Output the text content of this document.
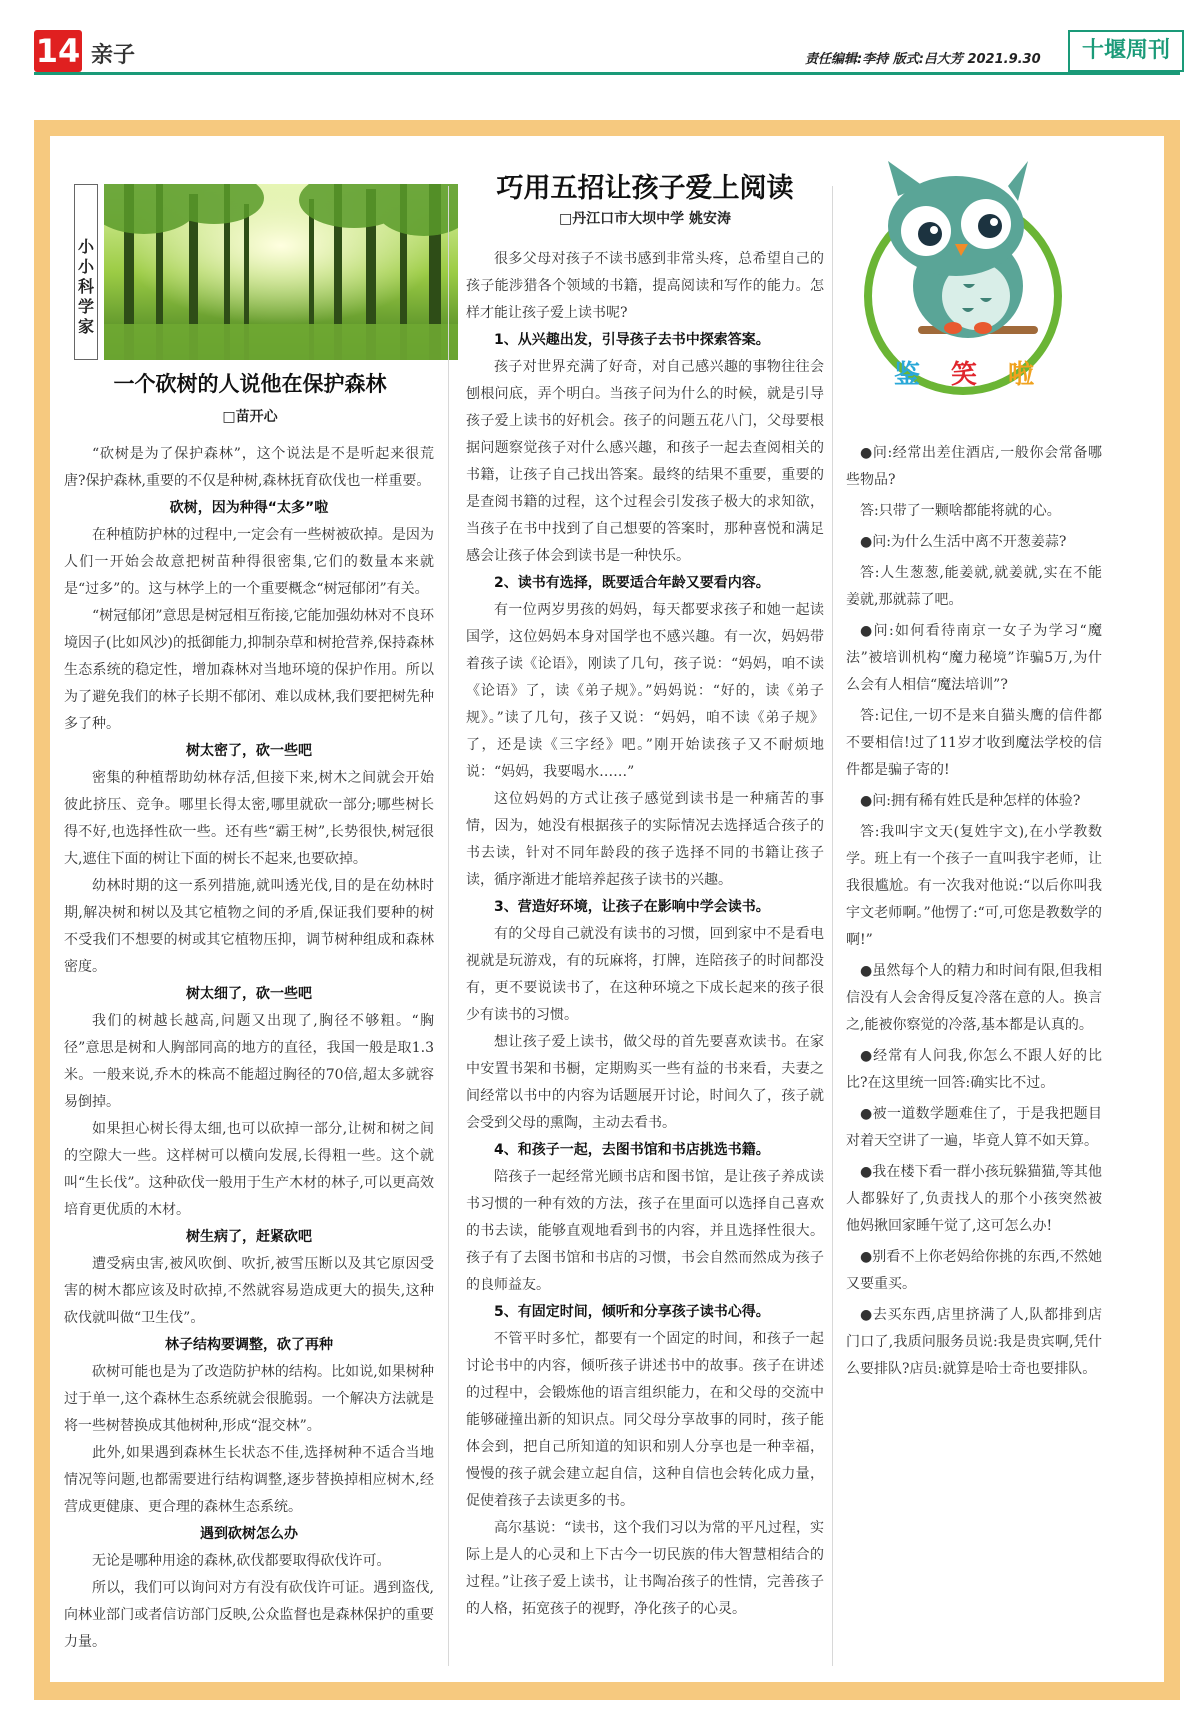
14 亲子	责任编辑:李持 版式:吕大芳 2021.9.30	十堰周刊
小
小
科
学
家
一个砍树的人说他在保护森林
□苗开心

“砍树是为了保护森林”，这个说法是不是听起来很荒唐?保护森林,重要的不仅是种树,森林抚育砍伐也一样重要。

砍树，因为种得“太多”啦

在种植防护林的过程中,一定会有一些树被砍掉。是因为人们一开始会故意把树苗种得很密集,它们的数量本来就是“过多”的。这与林学上的一个重要概念“树冠郁闭”有关。

“树冠郁闭”意思是树冠相互衔接,它能加强幼林对不良环境因子(比如风沙)的抵御能力,抑制杂草和树抢营养,保持森林生态系统的稳定性，增加森林对当地环境的保护作用。所以为了避免我们的林子长期不郁闭、难以成林,我们要把树先种多了种。

树太密了，砍一些吧

密集的种植帮助幼林存活,但接下来,树木之间就会开始彼此挤压、竞争。哪里长得太密,哪里就砍一部分;哪些树长得不好,也选择性砍一些。还有些“霸王树”,长势很快,树冠很大,遮住下面的树让下面的树长不起来,也要砍掉。

幼林时期的这一系列措施,就叫透光伐,目的是在幼林时期,解决树和树以及其它植物之间的矛盾,保证我们要种的树不受我们不想要的树或其它植物压抑，调节树种组成和森林密度。

树太细了，砍一些吧

我们的树越长越高,问题又出现了,胸径不够粗。“胸径”意思是树和人胸部同高的地方的直径，我国一般是取1.3米。一般来说,乔木的株高不能超过胸径的70倍,超太多就容易倒掉。

如果担心树长得太细,也可以砍掉一部分,让树和树之间的空隙大一些。这样树可以横向发展,长得粗一些。这个就叫“生长伐”。这种砍伐一般用于生产木材的林子,可以更高效培育更优质的木材。

树生病了，赶紧砍吧

遭受病虫害,被风吹倒、吹折,被雪压断以及其它原因受害的树木都应该及时砍掉,不然就容易造成更大的损失,这种砍伐就叫做“卫生伐”。

林子结构要调整，砍了再种

砍树可能也是为了改造防护林的结构。比如说,如果树种过于单一,这个森林生态系统就会很脆弱。一个解决方法就是将一些树替换成其他树种,形成“混交林”。

此外,如果遇到森林生长状态不佳,选择树种不适合当地情况等问题,也都需要进行结构调整,逐步替换掉相应树木,经营成更健康、更合理的森林生态系统。

遇到砍树怎么办

无论是哪种用途的森林,砍伐都要取得砍伐许可。

所以，我们可以询问对方有没有砍伐许可证。遇到盗伐,向林业部门或者信访部门反映,公众监督也是森林保护的重要力量。

巧用五招让孩子爱上阅读
□丹江口市大坝中学 姚安涛

很多父母对孩子不读书感到非常头疼，总希望自己的孩子能涉猎各个领域的书籍，提高阅读和写作的能力。怎样才能让孩子爱上读书呢?

1、从兴趣出发，引导孩子去书中探索答案。

孩子对世界充满了好奇，对自己感兴趣的事物往往会刨根问底，弄个明白。当孩子问为什么的时候，就是引导孩子爱上读书的好机会。孩子的问题五花八门，父母要根据问题察觉孩子对什么感兴趣，和孩子一起去查阅相关的书籍，让孩子自己找出答案。最终的结果不重要，重要的是查阅书籍的过程，这个过程会引发孩子极大的求知欲，当孩子在书中找到了自己想要的答案时，那种喜悦和满足感会让孩子体会到读书是一种快乐。

2、读书有选择，既要适合年龄又要看内容。

有一位两岁男孩的妈妈，每天都要求孩子和她一起读国学，这位妈妈本身对国学也不感兴趣。有一次，妈妈带着孩子读《论语》，刚读了几句，孩子说：“妈妈，咱不读《论语》了，读《弟子规》。”妈妈说：“好的，读《弟子规》。”读了几句，孩子又说：“妈妈，咱不读《弟子规》了，还是读《三字经》吧。”刚开始读孩子又不耐烦地说：“妈妈，我要喝水……”

这位妈妈的方式让孩子感觉到读书是一种痛苦的事情，因为，她没有根据孩子的实际情况去选择适合孩子的书去读，针对不同年龄段的孩子选择不同的书籍让孩子读，循序渐进才能培养起孩子读书的兴趣。

3、营造好环境，让孩子在影响中学会读书。

有的父母自己就没有读书的习惯，回到家中不是看电视就是玩游戏，有的玩麻将，打牌，连陪孩子的时间都没有，更不要说读书了，在这种环境之下成长起来的孩子很少有读书的习惯。

想让孩子爱上读书，做父母的首先要喜欢读书。在家中安置书架和书橱，定期购买一些有益的书来看，夫妻之间经常以书中的内容为话题展开讨论，时间久了，孩子就会受到父母的熏陶，主动去看书。

4、和孩子一起，去图书馆和书店挑选书籍。

陪孩子一起经常光顾书店和图书馆，是让孩子养成读书习惯的一种有效的方法，孩子在里面可以选择自己喜欢的书去读，能够直观地看到书的内容，并且选择性很大。孩子有了去图书馆和书店的习惯，书会自然而然成为孩子的良师益友。

5、有固定时间，倾听和分享孩子读书心得。

不管平时多忙，都要有一个固定的时间，和孩子一起讨论书中的内容，倾听孩子讲述书中的故事。孩子在讲述的过程中，会锻炼他的语言组织能力，在和父母的交流中能够碰撞出新的知识点。同父母分享故事的同时，孩子能体会到，把自己所知道的知识和别人分享也是一种幸福，慢慢的孩子就会建立起自信，这种自信也会转化成力量，促使着孩子去读更多的书。

高尔基说：“读书，这个我们习以为常的平凡过程，实际上是人的心灵和上下古今一切民族的伟大智慧相结合的过程。”让孩子爱上读书，让书陶冶孩子的性情，完善孩子的人格，拓宽孩子的视野，净化孩子的心灵。

鉴 笑 啦

●问:经常出差住酒店,一般你会常备哪些物品?

答:只带了一颗啥都能将就的心。

●问:为什么生活中离不开葱姜蒜?

答:人生葱葱,能姜就,就姜就,实在不能姜就,那就蒜了吧。

●问:如何看待南京一女子为学习“魔法”被培训机构“魔力秘境”诈骗5万,为什么会有人相信“魔法培训”?

答:记住,一切不是来自猫头鹰的信件都不要相信!过了11岁才收到魔法学校的信件都是骗子寄的!

●问:拥有稀有姓氏是种怎样的体验?

答:我叫宇文天(复姓宇文),在小学教数学。班上有一个孩子一直叫我宇老师，让我很尴尬。有一次我对他说:“以后你叫我宇文老师啊。”他愣了:“可,可您是教数学的啊!”

●虽然每个人的精力和时间有限,但我相信没有人会舍得反复冷落在意的人。换言之,能被你察觉的冷落,基本都是认真的。

●经常有人问我,你怎么不跟人好的比比?在这里统一回答:确实比不过。

●被一道数学题难住了，于是我把题目对着天空讲了一遍，毕竟人算不如天算。

●我在楼下看一群小孩玩躲猫猫,等其他人都躲好了,负责找人的那个小孩突然被他妈揪回家睡午觉了,这可怎么办!

●别看不上你老妈给你挑的东西,不然她又要重买。

●去买东西,店里挤满了人,队都排到店门口了,我质问服务员说:我是贵宾啊,凭什么要排队?店员:就算是哈士奇也要排队。
